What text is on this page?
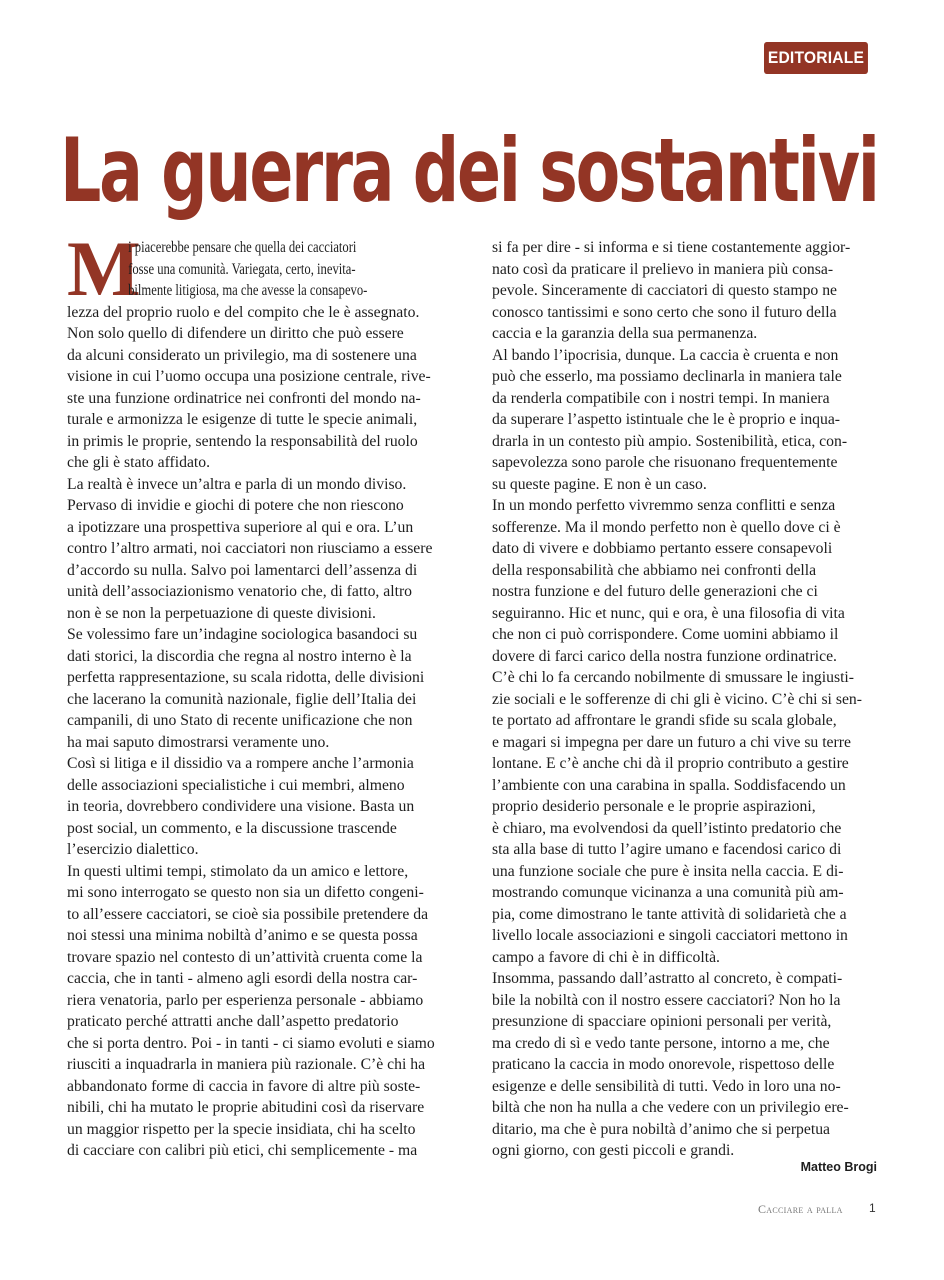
EDITORIALE
La guerra dei sostantivi
M

i piacerebbe pensare che quella dei cacciatori

fosse una comunità. Variegata, certo, inevita-

bilmente litigiosa, ma che avesse la consapevo-

lezza del proprio ruolo e del compito che le è assegnato.

Non solo quello di difendere un diritto che può essere

da alcuni considerato un privilegio, ma di sostenere una

visione in cui l’uomo occupa una posizione centrale, rive-

ste una funzione ordinatrice nei confronti del mondo na-

turale e armonizza le esigenze di tutte le specie animali,

in primis le proprie, sentendo la responsabilità del ruolo

che gli è stato affidato.

La realtà è invece un’altra e parla di un mondo diviso.

Pervaso di invidie e giochi di potere che non riescono

a ipotizzare una prospettiva superiore al qui e ora. L’un

contro l’altro armati, noi cacciatori non riusciamo a essere

d’accordo su nulla. Salvo poi lamentarci dell’assenza di

unità dell’associazionismo venatorio che, di fatto, altro

non è se non la perpetuazione di queste divisioni.

Se volessimo fare un’indagine sociologica basandoci su

dati storici, la discordia che regna al nostro interno è la

perfetta rappresentazione, su scala ridotta, delle divisioni

che lacerano la comunità nazionale, figlie dell’Italia dei

campanili, di uno Stato di recente unificazione che non

ha mai saputo dimostrarsi veramente uno.

Così si litiga e il dissidio va a rompere anche l’armonia

delle associazioni specialistiche i cui membri, almeno

in teoria, dovrebbero condividere una visione. Basta un

post social, un commento, e la discussione trascende

l’esercizio dialettico.

In questi ultimi tempi, stimolato da un amico e lettore,

mi sono interrogato se questo non sia un difetto congeni-

to all’essere cacciatori, se cioè sia possibile pretendere da

noi stessi una minima nobiltà d’animo e se questa possa

trovare spazio nel contesto di un’attività cruenta come la

caccia, che in tanti - almeno agli esordi della nostra car-

riera venatoria, parlo per esperienza personale - abbiamo

praticato perché attratti anche dall’aspetto predatorio

che si porta dentro. Poi - in tanti - ci siamo evoluti e siamo

riusciti a inquadrarla in maniera più razionale. C’è chi ha

abbandonato forme di caccia in favore di altre più soste-

nibili, chi ha mutato le proprie abitudini così da riservare

un maggior rispetto per la specie insidiata, chi ha scelto

di cacciare con calibri più etici, chi semplicemente - ma

si fa per dire - si informa e si tiene costantemente aggior-

nato così da praticare il prelievo in maniera più consa-

pevole. Sinceramente di cacciatori di questo stampo ne

conosco tantissimi e sono certo che sono il futuro della

caccia e la garanzia della sua permanenza.

Al bando l’ipocrisia, dunque. La caccia è cruenta e non

può che esserlo, ma possiamo declinarla in maniera tale

da renderla compatibile con i nostri tempi. In maniera

da superare l’aspetto istintuale che le è proprio e inqua-

drarla in un contesto più ampio. Sostenibilità, etica, con-

sapevolezza sono parole che risuonano frequentemente

su queste pagine. E non è un caso.

In un mondo perfetto vivremmo senza conflitti e senza

sofferenze. Ma il mondo perfetto non è quello dove ci è

dato di vivere e dobbiamo pertanto essere consapevoli

della responsabilità che abbiamo nei confronti della

nostra funzione e del futuro delle generazioni che ci

seguiranno. Hic et nunc, qui e ora, è una filosofia di vita

che non ci può corrispondere. Come uomini abbiamo il

dovere di farci carico della nostra funzione ordinatrice.

C’è chi lo fa cercando nobilmente di smussare le ingiusti-

zie sociali e le sofferenze di chi gli è vicino. C’è chi si sen-

te portato ad affrontare le grandi sfide su scala globale,

e magari si impegna per dare un futuro a chi vive su terre

lontane. E c’è anche chi dà il proprio contributo a gestire

l’ambiente con una carabina in spalla. Soddisfacendo un

proprio desiderio personale e le proprie aspirazioni,

è chiaro, ma evolvendosi da quell’istinto predatorio che

sta alla base di tutto l’agire umano e facendosi carico di

una funzione sociale che pure è insita nella caccia. E di-

mostrando comunque vicinanza a una comunità più am-

pia, come dimostrano le tante attività di solidarietà che a

livello locale associazioni e singoli cacciatori mettono in

campo a favore di chi è in difficoltà.

Insomma, passando dall’astratto al concreto, è compati-

bile la nobiltà con il nostro essere cacciatori? Non ho la

presunzione di spacciare opinioni personali per verità,

ma credo di sì e vedo tante persone, intorno a me, che

praticano la caccia in modo onorevole, rispettoso delle

esigenze e delle sensibilità di tutti. Vedo in loro una no-

biltà che non ha nulla a che vedere con un privilegio ere-

ditario, ma che è pura nobiltà d’animo che si perpetua

ogni giorno, con gesti piccoli e grandi.

Matteo Brogi
Cacciare a palla 1
